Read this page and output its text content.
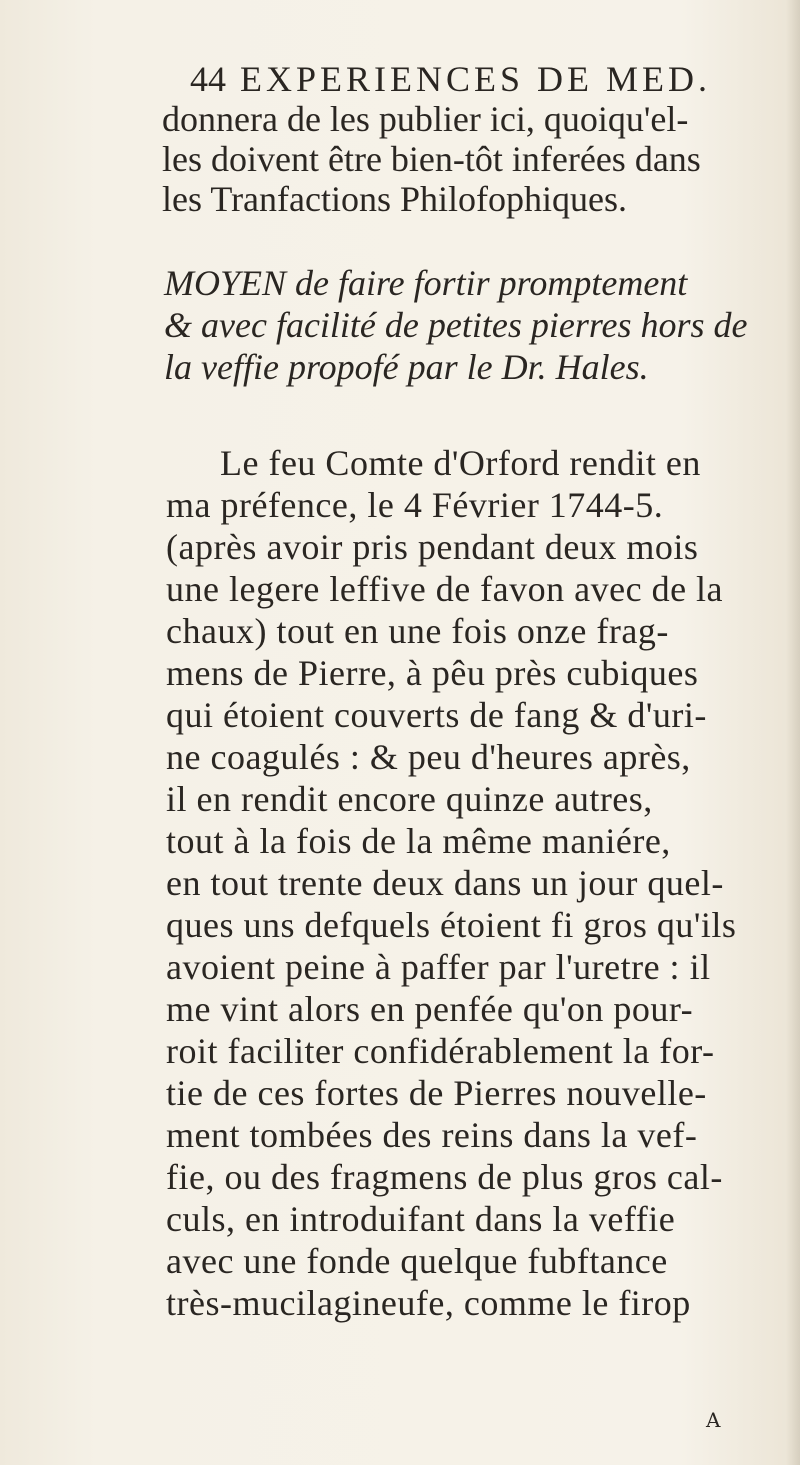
44 EXPERIENCES DE MED.
donnera de les publier ici, quoiqu'el-
les doivent être bien-tôt inferées dans
les Tranfactions Philofophiques.
MOYEN de faire fortir promptement
& avec facilité de petites pierres hors de
la veffie propofé par le Dr. Hales.
Le feu Comte d'Orford rendit en
ma préfence, le 4 Février 1744-5.
(après avoir pris pendant deux mois
une legere leffive de favon avec de la
chaux) tout en une fois onze frag-
mens de Pierre, à pêu près cubiques
qui étoient couverts de fang & d'uri-
ne coagulés : & peu d'heures après,
il en rendit encore quinze autres,
tout à la fois de la même maniére,
en tout trente deux dans un jour quel-
ques uns defquels étoient fi gros qu'ils
avoient peine à paffer par l'uretre : il
me vint alors en penfée qu'on pour-
roit faciliter confidérablement la for-
tie de ces fortes de Pierres nouvelle-
ment tombées des reins dans la vef-
fie, ou des fragmens de plus gros cal-
culs, en introduifant dans la veffie
avec une fonde quelque fubftance
très-mucilagineufe, comme le firop
A
